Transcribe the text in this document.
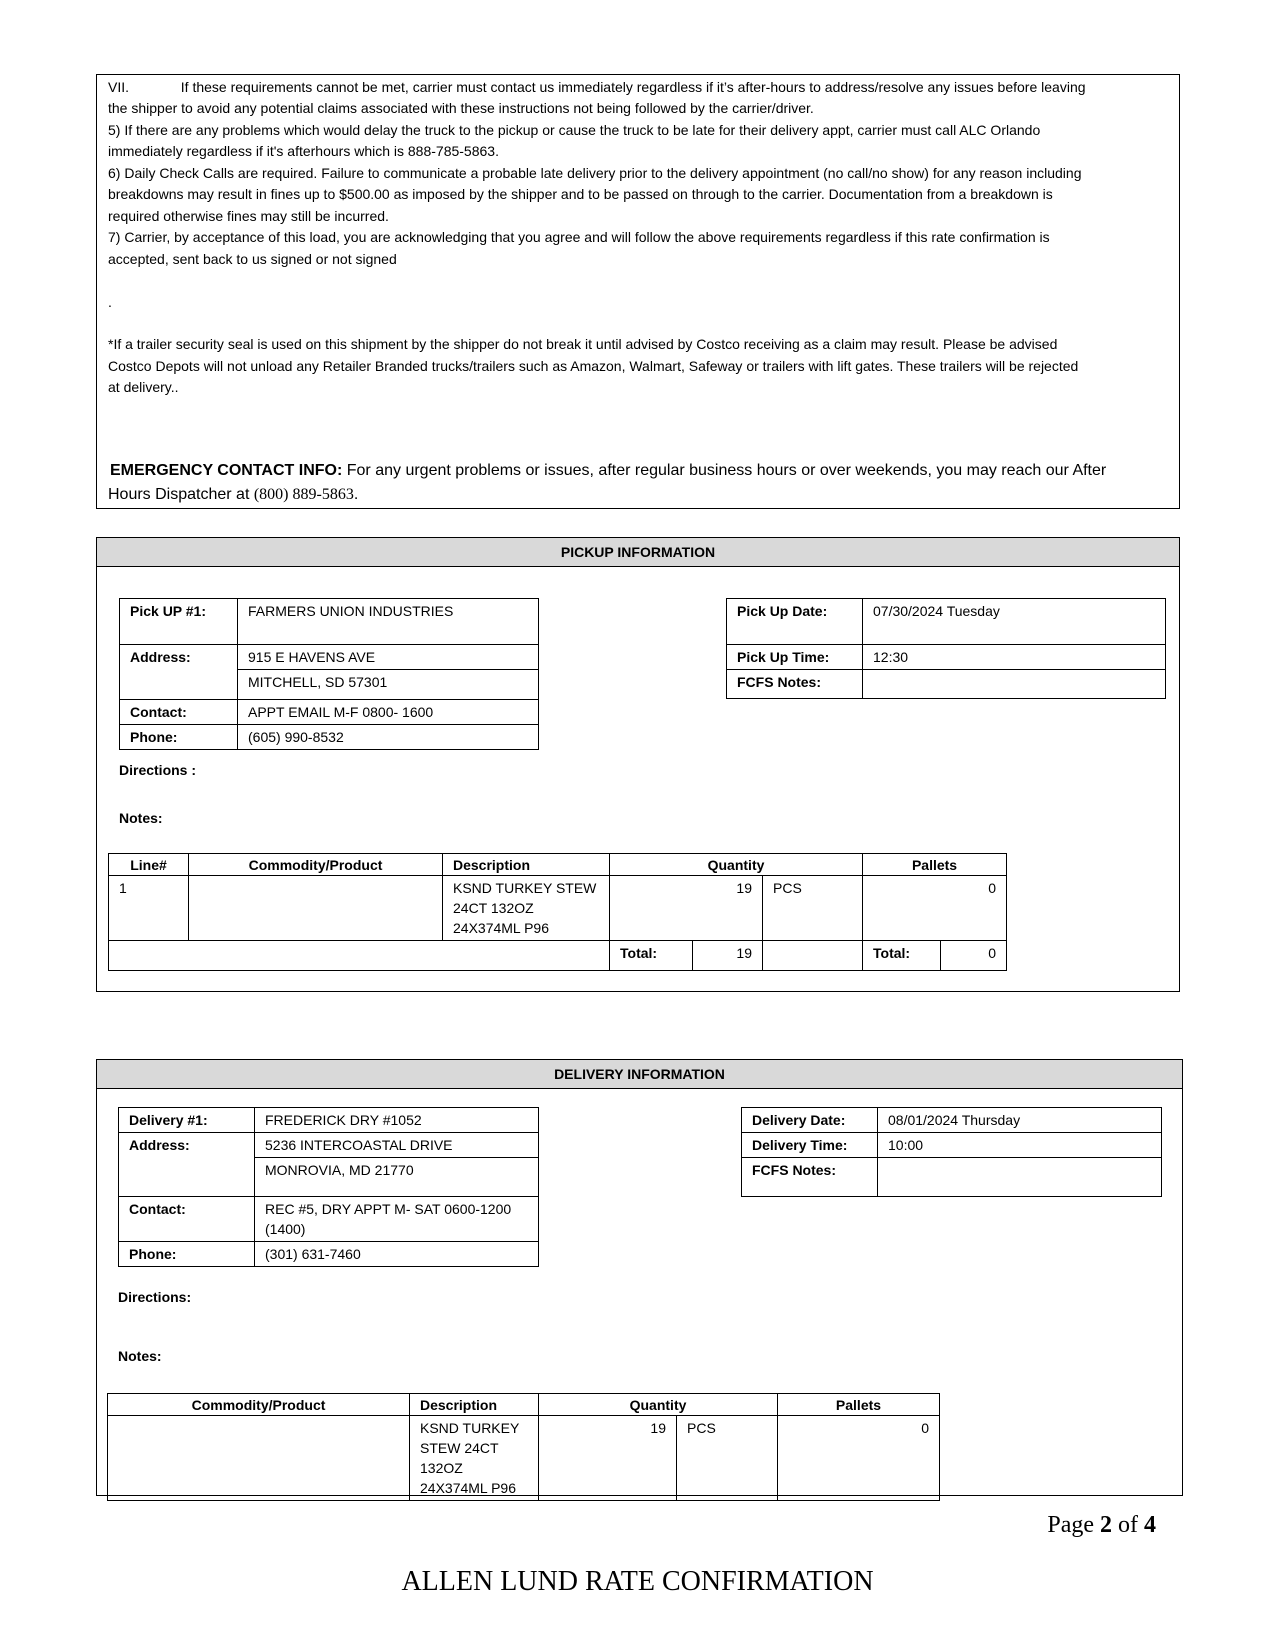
VII.	If these requirements cannot be met, carrier must contact us immediately regardless if it’s after-hours to address/resolve any issues before leaving
the shipper to avoid any potential claims associated with these instructions not being followed by the carrier/driver.
5) If there are any problems which would delay the truck to the pickup or cause the truck to be late for their delivery appt, carrier must call ALC Orlando
immediately regardless if it's afterhours which is 888-785-5863.
6) Daily Check Calls are required. Failure to communicate a probable late delivery prior to the delivery appointment (no call/no show) for any reason including
breakdowns may result in fines up to $500.00 as imposed by the shipper and to be passed on through to the carrier. Documentation from a breakdown is
required otherwise fines may still be incurred.
7) Carrier, by acceptance of this load, you are acknowledging that you agree and will follow the above requirements regardless if this rate confirmation is
accepted, sent back to us signed or not signed
.
*If a trailer security seal is used on this shipment by the shipper do not break it until advised by Costco receiving as a claim may result. Please be advised
Costco Depots will not unload any Retailer Branded trucks/trailers such as Amazon, Walmart, Safeway or trailers with lift gates. These trailers will be rejected
at delivery..
EMERGENCY CONTACT INFO: For any urgent problems or issues, after regular business hours or over weekends, you may reach our After
Hours Dispatcher at (800) 889-5863.
PICKUP INFORMATION
Pick UP #1:	FARMERS UNION INDUSTRIES
Address:	915 E HAVENS AVE
	MITCHELL, SD 57301
Contact:	APPT EMAIL M-F 0800- 1600
Phone:	(605) 990-8532
Pick Up Date:	07/30/2024 Tuesday
Pick Up Time:	12:30
FCFS Notes:	
Directions :
Notes:
Line#	Commodity/Product	Description	Quantity			Pallets	
1		KSND TURKEY STEW
24CT 132OZ
24X374ML P96	19		PCS	0	
			Total:	19		Total:	0
DELIVERY INFORMATION
Delivery #1:	FREDERICK DRY #1052
Address:	5236 INTERCOASTAL DRIVE
	MONROVIA, MD 21770
Contact:	REC #5, DRY APPT M- SAT 0600-1200
(1400)

Phone:	(301) 631-7460
Delivery Date:	08/01/2024 Thursday
Delivery Time:	10:00
FCFS Notes:	
Directions:
Notes:
Commodity/Product	Description	Quantity		Pallets

	KSND TURKEY
STEW 24CT
132OZ
24X374ML P96	19	PCS	0
Page 2 of 4
ALLEN LUND RATE CONFIRMATION
